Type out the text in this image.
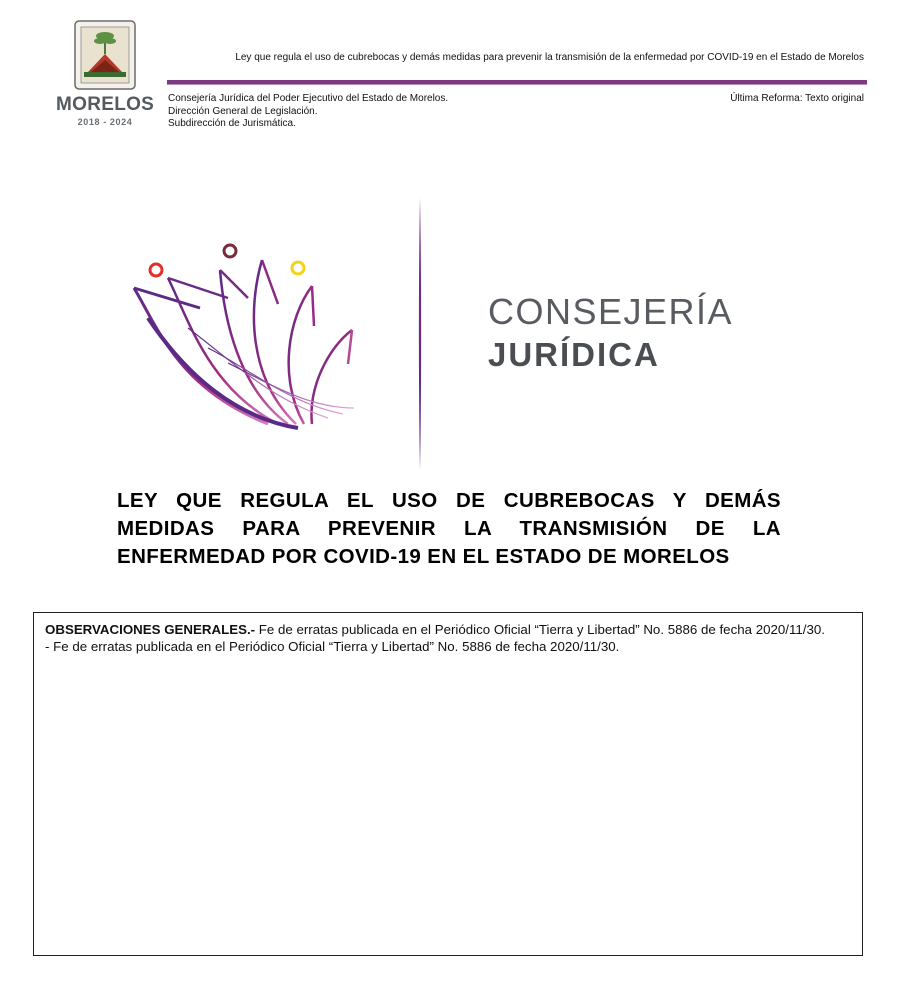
MORELOS
2018 - 2024
Ley que regula el uso de cubrebocas y demás medidas para prevenir la transmisión de la enfermedad por COVID-19 en el Estado de Morelos
Consejería Jurídica del Poder Ejecutivo del Estado de Morelos.
Dirección General de Legislación.
Subdirección de Jurismática.
Última Reforma: Texto original
CONSEJERÍA
JURÍDICA
LEY QUE REGULA EL USO DE CUBREBOCAS Y DEMÁS MEDIDAS PARA PREVENIR LA TRANSMISIÓN DE LA ENFERMEDAD POR COVID-19 EN EL ESTADO DE MORELOS
OBSERVACIONES GENERALES.- Fe de erratas publicada en el Periódico Oficial “Tierra y Libertad” No. 5886 de fecha 2020/11/30.
- Fe de erratas publicada en el Periódico Oficial “Tierra y Libertad” No. 5886 de fecha 2020/11/30.
